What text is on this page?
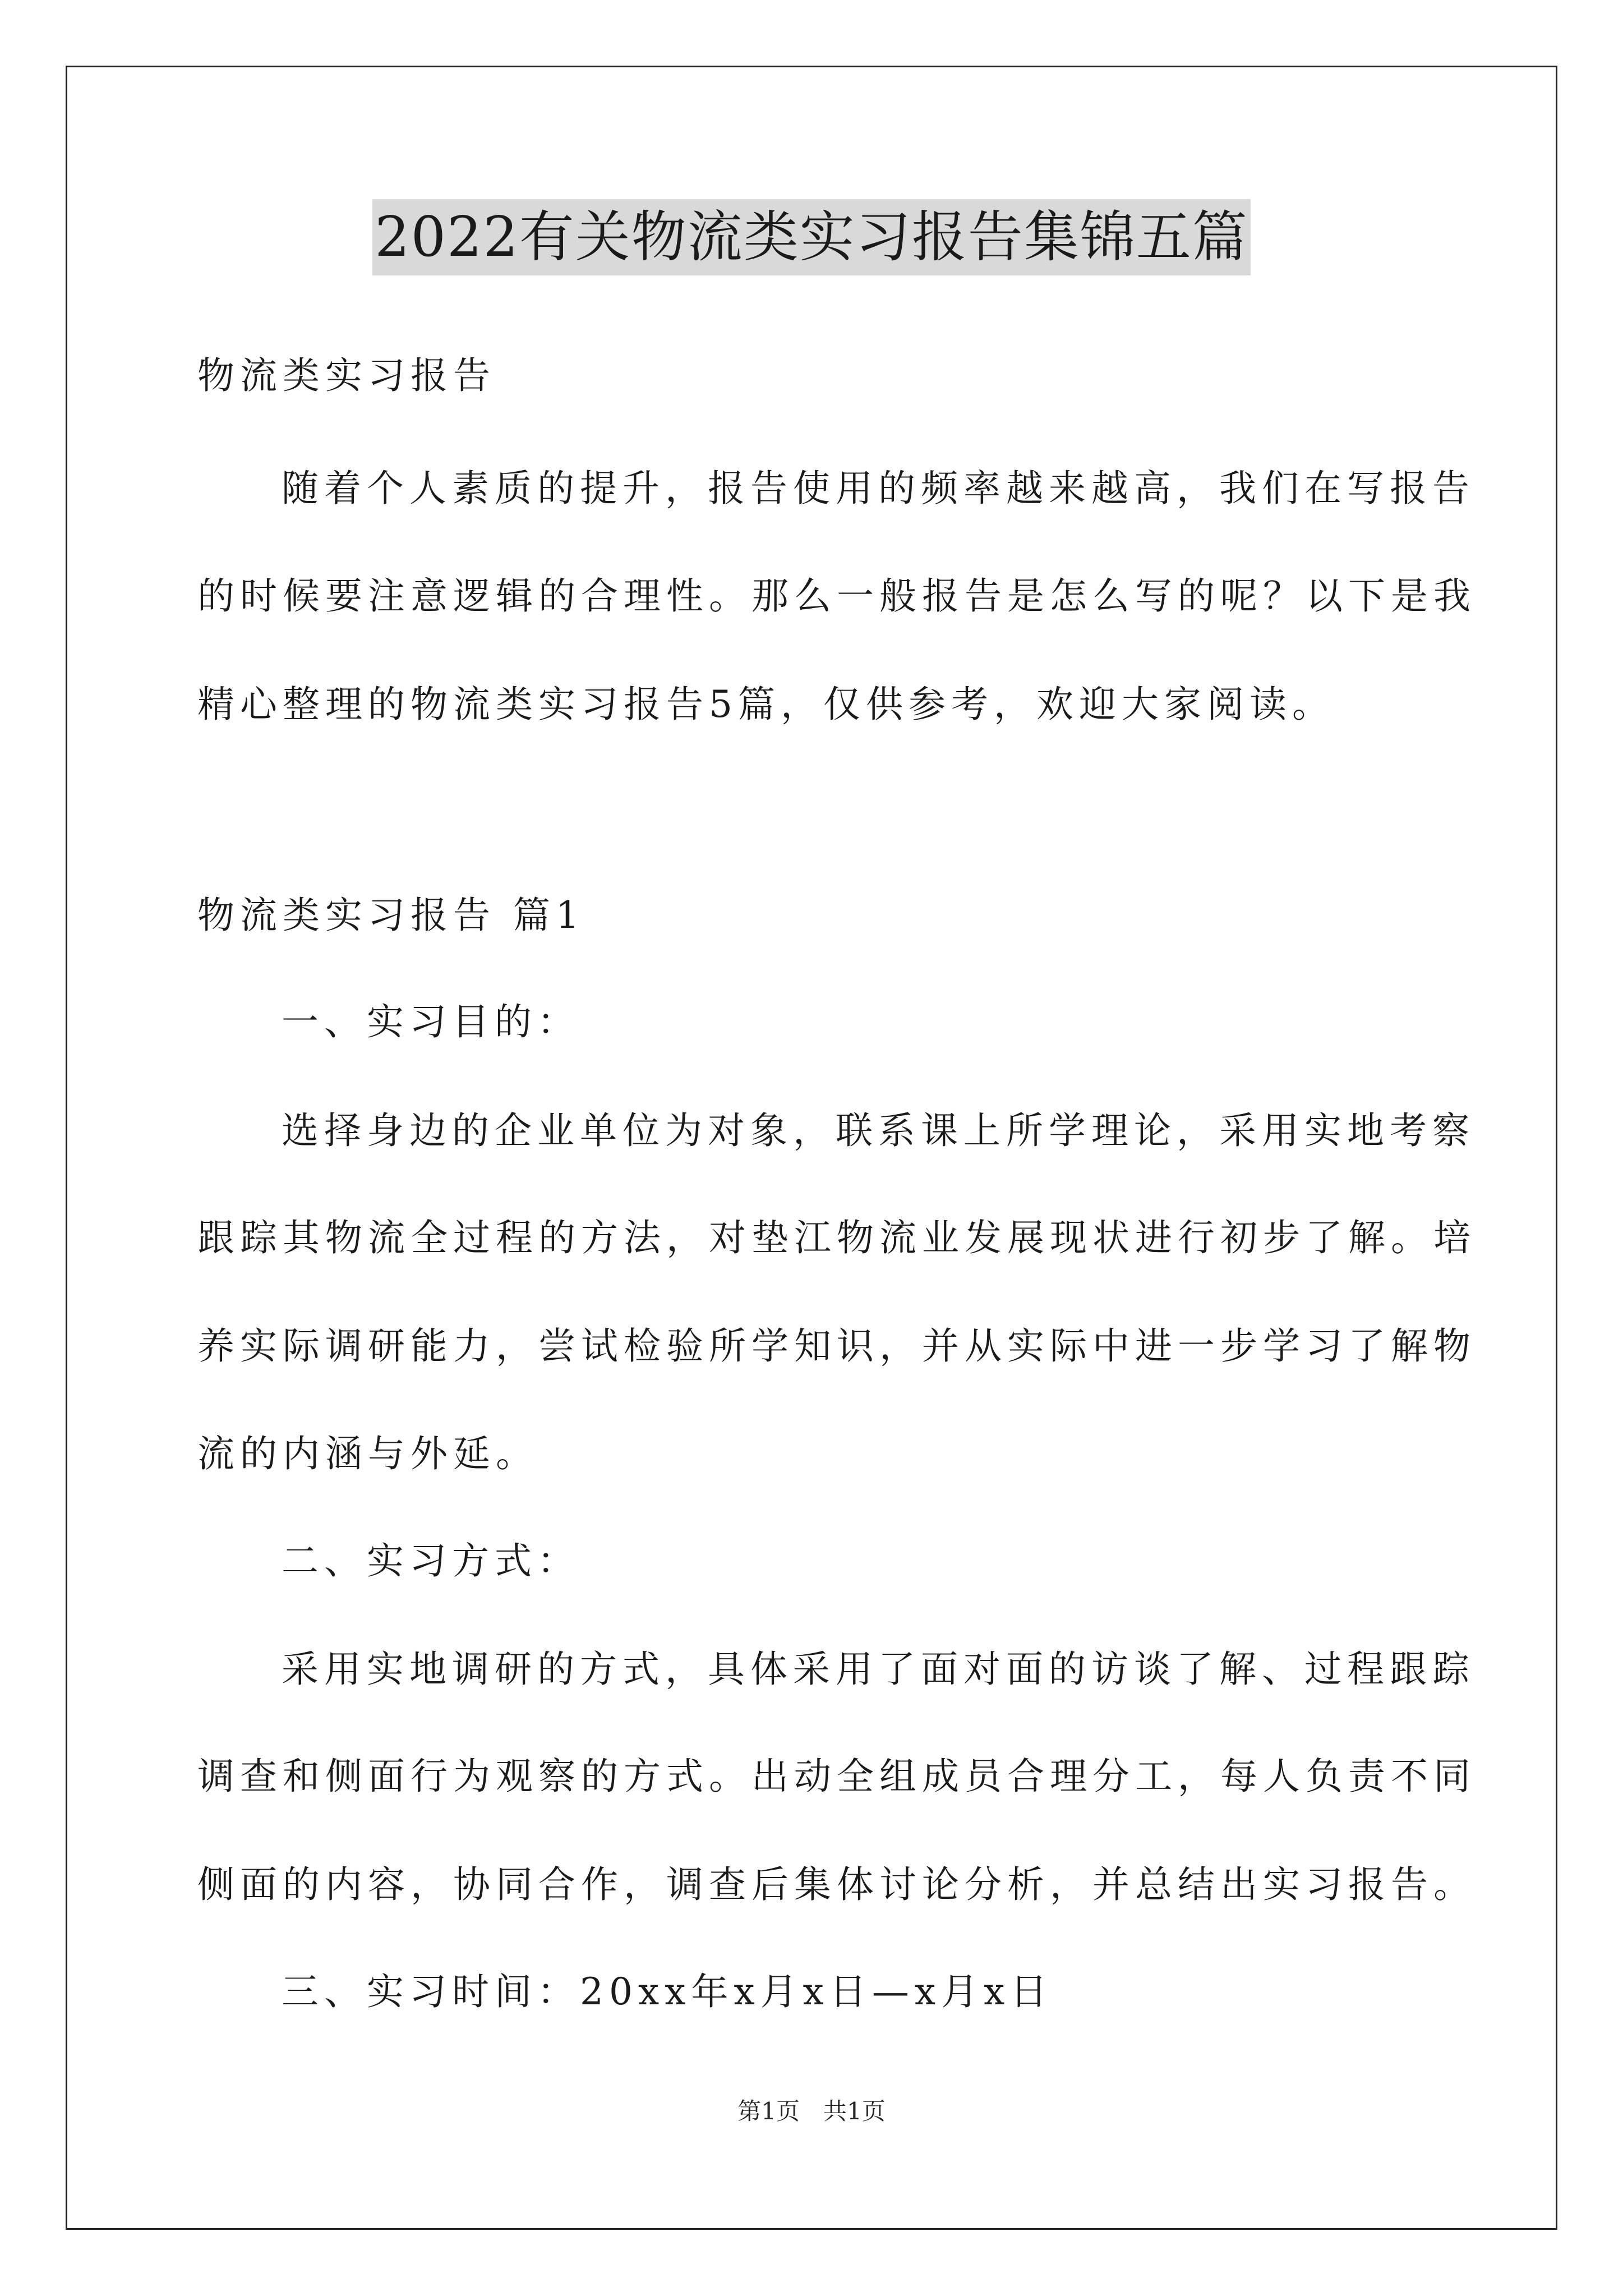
2022有关物流类实习报告集锦五篇
物流类实习报告
随着个人素质的提升，报告使用的频率越来越高，我们在写报告
的时候要注意逻辑的合理性。那么一般报告是怎么写的呢？以下是我
精心整理的物流类实习报告5篇，仅供参考，欢迎大家阅读。
物流类实习报告 篇1
一、实习目的：
选择身边的企业单位为对象，联系课上所学理论，采用实地考察
跟踪其物流全过程的方法，对垫江物流业发展现状进行初步了解。培
养实际调研能力，尝试检验所学知识，并从实际中进一步学习了解物
流的内涵与外延。
二、实习方式：
采用实地调研的方式，具体采用了面对面的访谈了解、过程跟踪
调查和侧面行为观察的方式。出动全组成员合理分工，每人负责不同
侧面的内容，协同合作，调查后集体讨论分析，并总结出实习报告。
三、实习时间：20xx年x月x日—x月x日
第1页　共1页
